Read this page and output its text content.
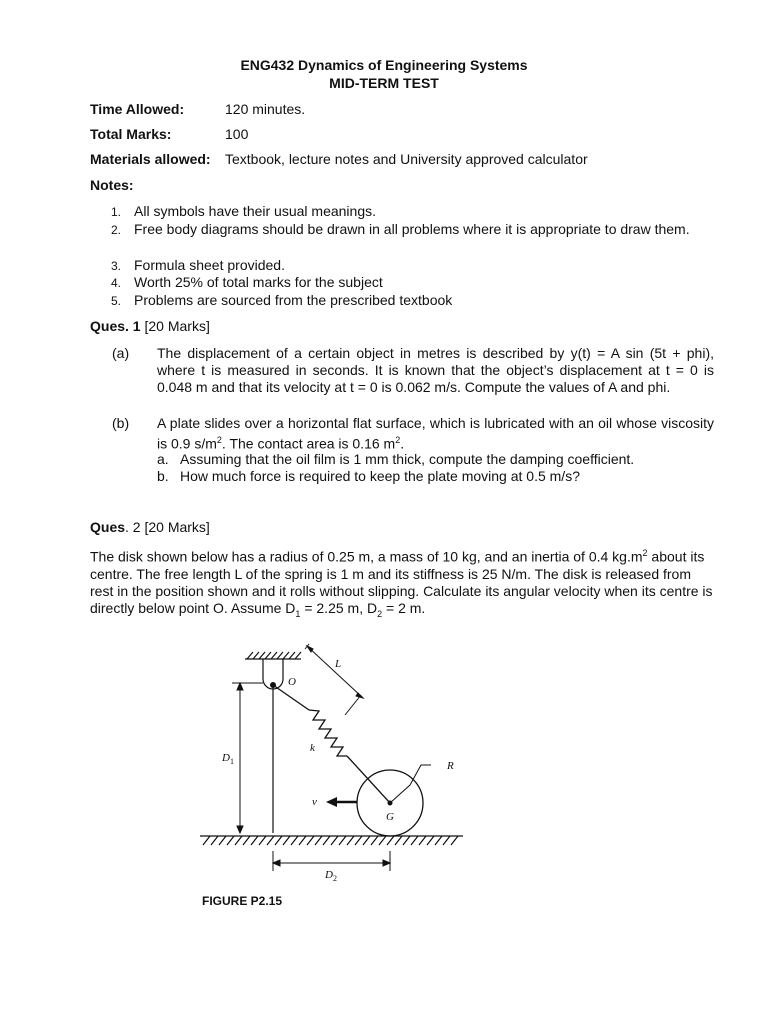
ENG432 Dynamics of Engineering Systems
MID-TERM TEST
Time Allowed:	120 minutes.
Total Marks:	100
Materials allowed: Textbook, lecture notes and University approved calculator
Notes:
1. All symbols have their usual meanings.
2. Free body diagrams should be drawn in all problems where it is appropriate to draw them.
3. Formula sheet provided.
4. Worth 25% of total marks for the subject
5. Problems are sourced from the prescribed textbook
Ques. 1 [20 Marks]
(a) The displacement of a certain object in metres is described by y(t) = A sin (5t + phi), where t is measured in seconds. It is known that the object’s displacement at t = 0 is 0.048 m and that its velocity at t = 0 is 0.062 m/s. Compute the values of A and phi.
(b) A plate slides over a horizontal flat surface, which is lubricated with an oil whose viscosity is 0.9 $s/m^2$. The contact area is 0.16 $m^2$.
a. Assuming that the oil film is 1 mm thick, compute the damping coefficient.
b. How much force is required to keep the plate moving at 0.5 m/s?
Ques. 2 [20 Marks]
The disk shown below has a radius of 0.25 m, a mass of 10 kg, and an inertia of 0.4 $kg.m^2$ about its centre. The free length L of the spring is 1 m and its stiffness is 25 N/m. The disk is released from rest in the position shown and it rolls without slipping. Calculate its angular velocity when its centre is directly below point O. Assume $D_1 = 2.25$ m, $D_2 = 2$ m.
L
O
k
$D_1$	R
v
G
$D_2$
FIGURE P2.15
